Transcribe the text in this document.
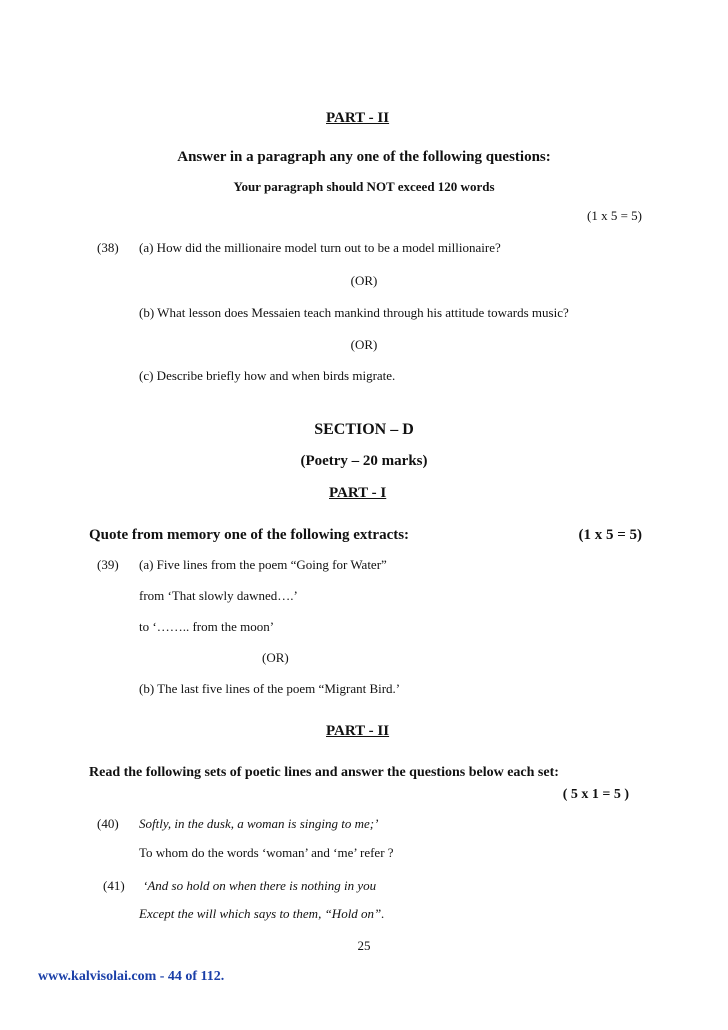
PART - II
Answer in a paragraph any one of the following questions:
Your paragraph should NOT exceed 120 words
(1 x 5 = 5)
(38) (a) How did the millionaire model turn out to be a model millionaire?
(OR)
(b) What lesson does Messaien teach mankind through his attitude towards music?
(OR)
(c) Describe briefly how and when birds migrate.
SECTION – D
(Poetry – 20 marks)
PART - I
Quote from memory one of the following extracts:	(1 x 5 = 5)
(39) (a) Five lines from the poem “Going for Water”
from ‘That slowly dawned….’
to ‘…….. from the moon’
(OR)
(b) The last five lines of the poem “Migrant Bird.’
PART - II
Read the following sets of poetic lines and answer the questions below each set:
( 5 x 1 = 5 )
(40) Softly, in the dusk, a woman is singing to me;’
To whom do the words ‘woman’ and ‘me’ refer ?
(41) ‘And so hold on when there is nothing in you
Except the will which says to them, “Hold on”.
25
www.kalvisolai.com - 44 of 112.
